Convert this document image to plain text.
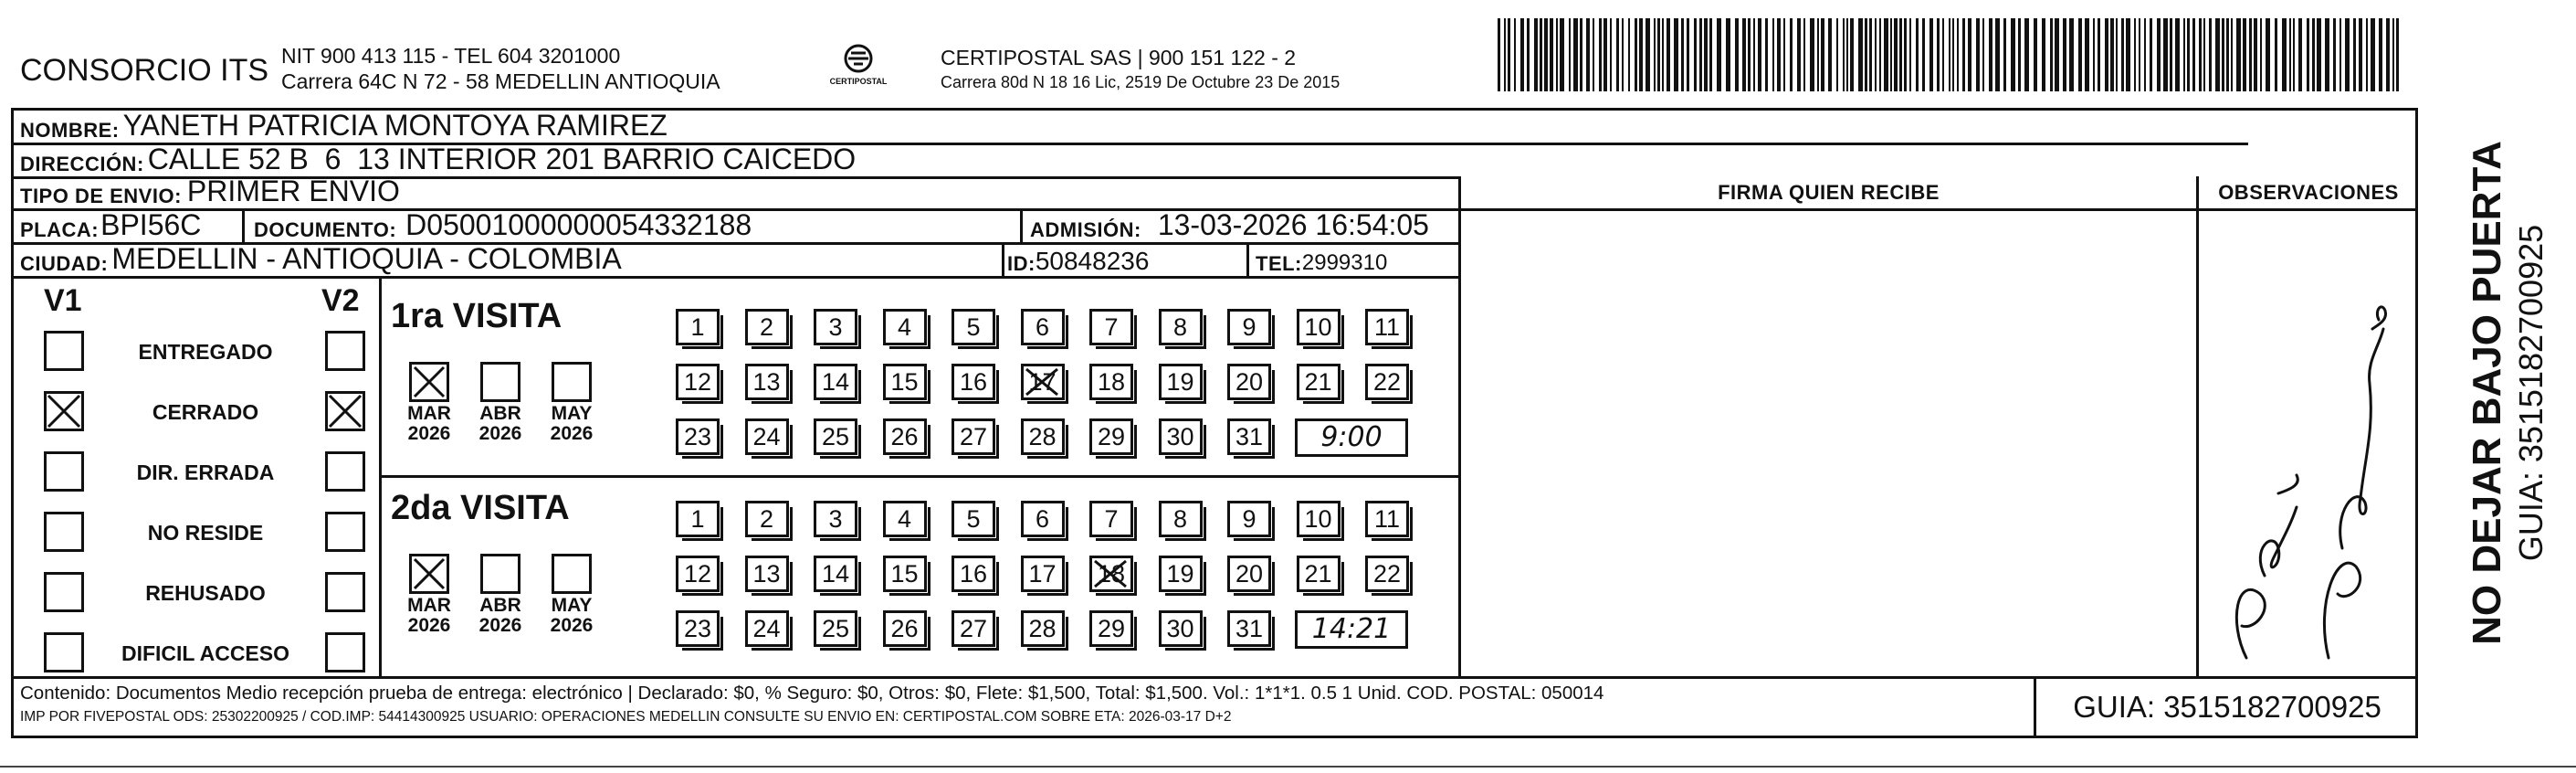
CONSORCIO ITS NIT 900 413 115 - TEL 604 3201000
Carrera 64C N 72 - 58 MEDELLIN ANTIOQUIA	CERTIPOSTAL
CERTIPOSTAL SAS | 900 151 122 - 2
Carrera 80d N 18 16 Lic, 2519 De Octubre 23 De 2015
NOMBRE: YANETH PATRICIA MONTOYA RAMIREZ
DIRECCIÓN: CALLE 52 B  6  13 INTERIOR 201 BARRIO CAICEDO
TIPO DE ENVIO: PRIMER ENVIO	FIRMA QUIEN RECIBE	OBSERVACIONES
PLACA: BPI56C	DOCUMENTO: D05001000000054332188	ADMISIÓN: 13-03-2026 16:54:05
CIUDAD: MEDELLIN - ANTIOQUIA - COLOMBIA	ID: 50848236	TEL: 2999310
V1	V2
ENTREGADO
CERRADO
DIR. ERRADA
NO RESIDE
REHUSADO
DIFICIL ACCESO
1ra VISITA
2da VISITA
MAR
2026
ABR
2026
MAY
2026
1	2	3	4	5	6	7	8	9	10	11
12	13	14	15	16	17	18	19	20	21	22
23	24	25	26	27	28	29	30	31	9:00
MAR
2026
ABR
2026
MAY
2026
1	2	3	4	5	6	7	8	9	10	11
12	13	14	15	16	17	18	19	20	21	22
23	24	25	26	27	28	29	30	31	14:21	NO DEJAR BAJO PUERTA GUIA: 3515182700925
Contenido: Documentos Medio recepción prueba de entrega: electrónico | Declarado: $0, % Seguro: $0, Otros: $0, Flete: $1,500, Total: $1,500. Vol.: 1*1*1. 0.5 1 Unid. COD. POSTAL: 050014
IMP POR FIVEPOSTAL ODS: 25302200925 / COD.IMP: 54414300925 USUARIO: OPERACIONES MEDELLIN CONSULTE SU ENVIO EN: CERTIPOSTAL.COM SOBRE ETA: 2026-03-17 D+2	GUIA: 3515182700925
